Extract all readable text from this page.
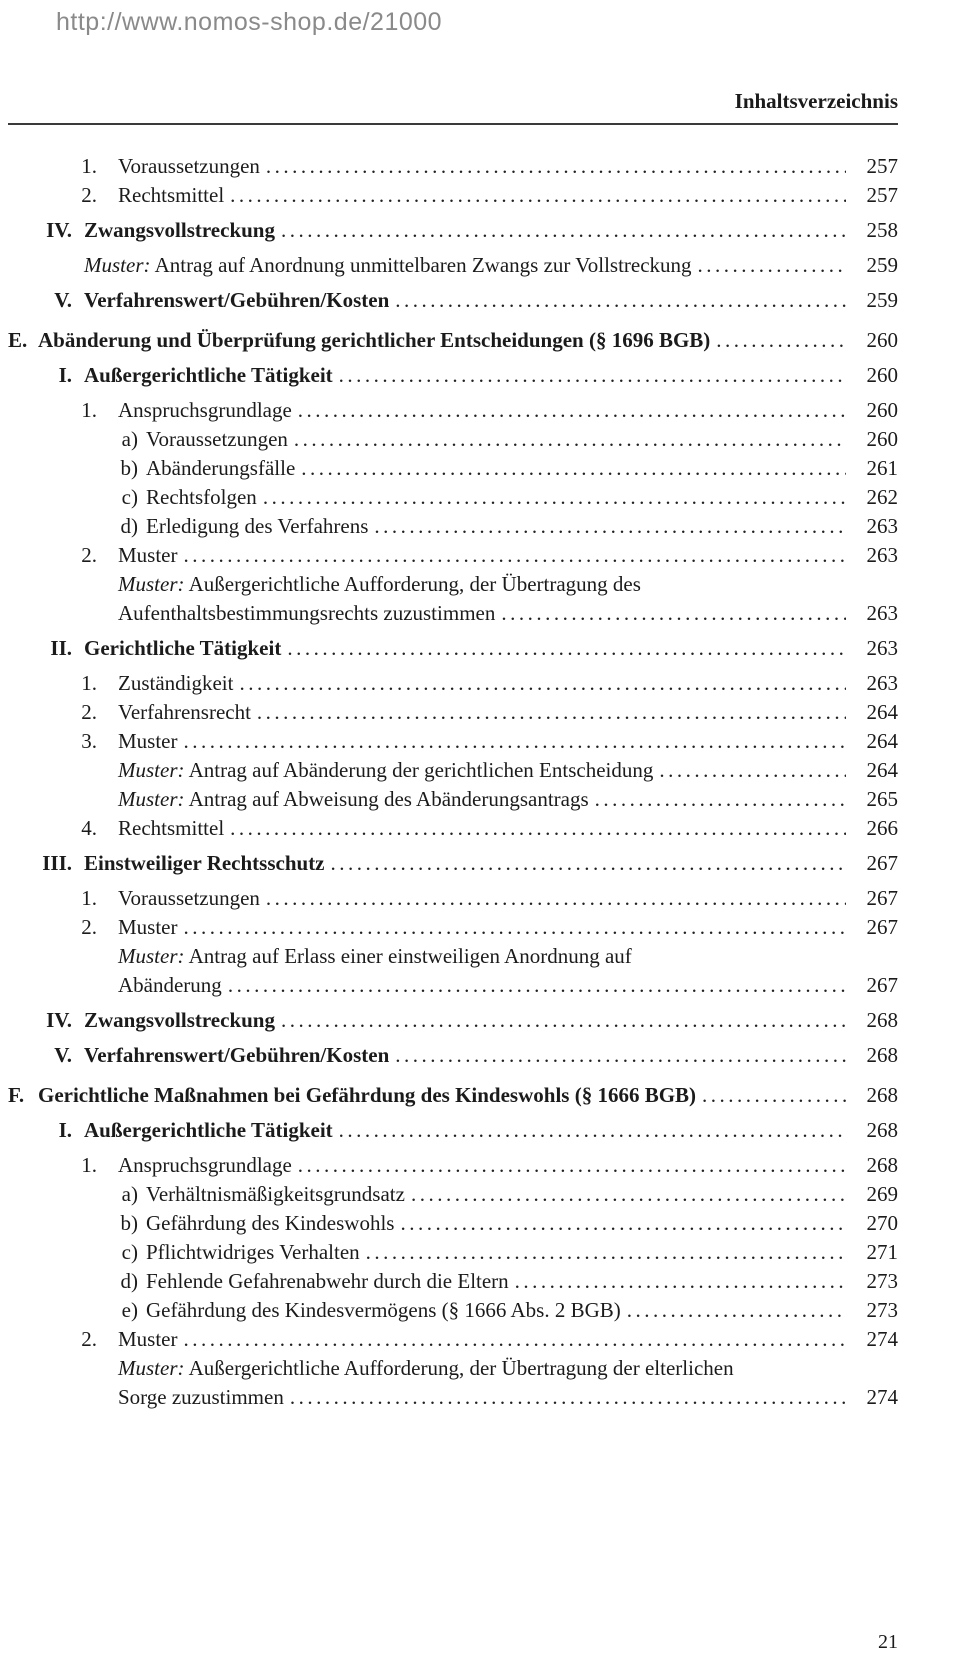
http://www.nomos-shop.de/21000
Inhaltsverzeichnis
1. Voraussetzungen .....	257
2. Rechtsmittel .....	257
IV. Zwangsvollstreckung .....	258
Muster: Antrag auf Anordnung unmittelbaren Zwangs zur Vollstreckung .....	259
V. Verfahrenswert/Gebühren/Kosten .....	259
E. Abänderung und Überprüfung gerichtlicher Entscheidungen (§ 1696 BGB) .....	260
I. Außergerichtliche Tätigkeit .....	260
1. Anspruchsgrundlage .....	260
a) Voraussetzungen .....	260
b) Abänderungsfälle .....	261
c) Rechtsfolgen .....	262
d) Erledigung des Verfahrens .....	263
2. Muster .....	263
Muster: Außergerichtliche Aufforderung, der Übertragung des
Aufenthaltsbestimmungsrechts zuzustimmen .....	263
II. Gerichtliche Tätigkeit .....	263
1. Zuständigkeit .....	263
2. Verfahrensrecht .....	264
3. Muster .....	264
Muster: Antrag auf Abänderung der gerichtlichen Entscheidung .....	264
Muster: Antrag auf Abweisung des Abänderungsantrags .....	265
4. Rechtsmittel .....	266
III. Einstweiliger Rechtsschutz .....	267
1. Voraussetzungen .....	267
2. Muster .....	267
Muster: Antrag auf Erlass einer einstweiligen Anordnung auf
Abänderung .....	267
IV. Zwangsvollstreckung .....	268
V. Verfahrenswert/Gebühren/Kosten .....	268
F. Gerichtliche Maßnahmen bei Gefährdung des Kindeswohls (§ 1666 BGB) .....	268
I. Außergerichtliche Tätigkeit .....	268
1. Anspruchsgrundlage .....	268
a) Verhältnismäßigkeitsgrundsatz .....	269
b) Gefährdung des Kindeswohls .....	270
c) Pflichtwidriges Verhalten .....	271
d) Fehlende Gefahrenabwehr durch die Eltern .....	273
e) Gefährdung des Kindesvermögens (§ 1666 Abs. 2 BGB) .....	273
2. Muster .....	274
Muster: Außergerichtliche Aufforderung, der Übertragung der elterlichen
Sorge zuzustimmen .....	274
21
